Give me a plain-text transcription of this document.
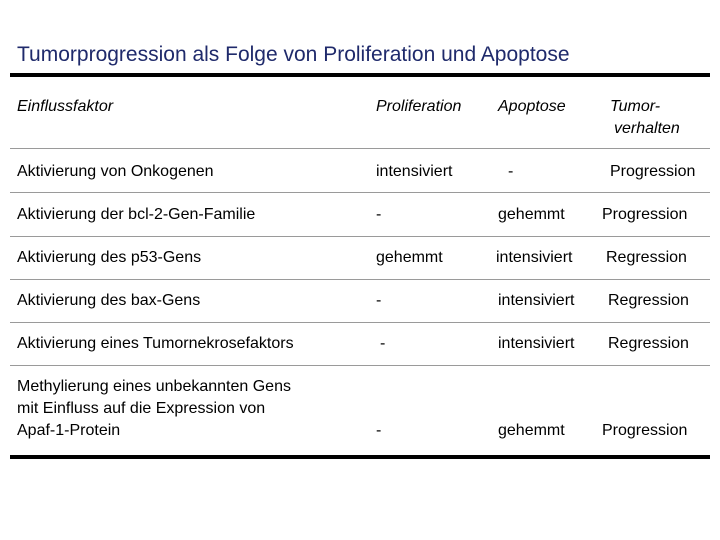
Tumorprogression als Folge von Proliferation und Apoptose
Einflussfaktor	Proliferation Apoptose	Tumor-
verhalten
Aktivierung von Onkogenen	intensiviert	-	Progression
Aktivierung der bcl-2-Gen-Familie	-	gehemmt Progression
Aktivierung des p53-Gens	gehemmt	intensiviert Regression
Aktivierung des bax-Gens	-	intensiviert Regression
Aktivierung eines Tumornekrosefaktors	-	intensiviert Regression
Methylierung eines unbekannten Gens
mit Einfluss auf die Expression von
Apaf-1-Protein	-	gehemmt Progression
